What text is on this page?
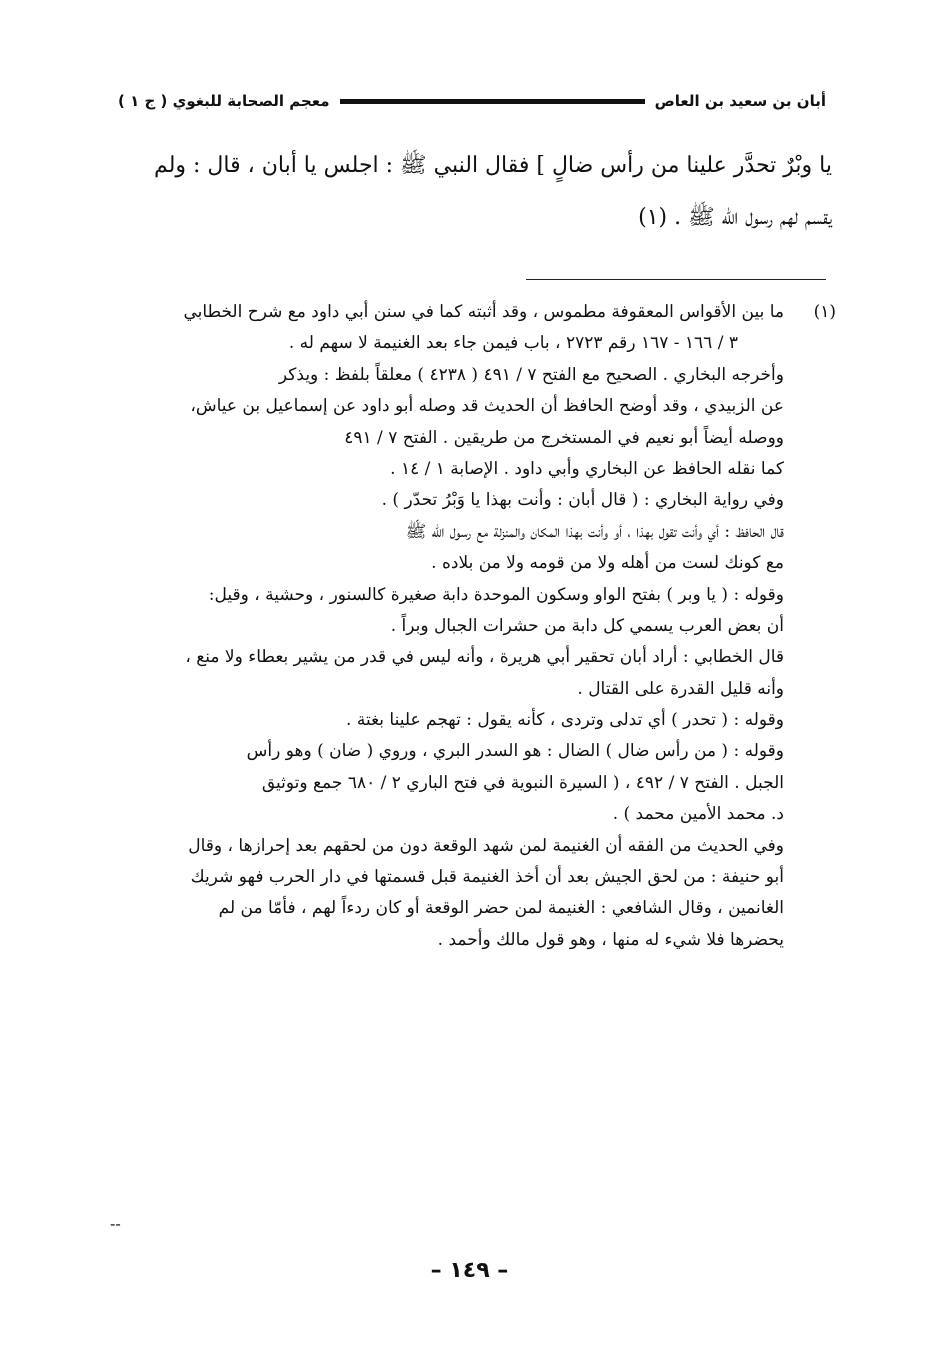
أبان بن سعيد بن العاص
معجم الصحابة للبغوي ( ج ١ )

يا وبْرٌ تحدَّر علينا من رأس ضالٍ ] فقال النبي ﷺ : اجلس يا أبان ، قال : ولم

يقسم لهم رسول الله ﷺ . (١)

(١)

ما بين الأقواس المعقوفة مطموس ، وقد أثبته كما في سنن أبي داود مع شرح الخطابي

٣ / ١٦٦ - ١٦٧ رقم ٢٧٢٣ ، باب فيمن جاء بعد الغنيمة لا سهم له .

وأخرجه البخاري . الصحيح مع الفتح ٧ / ٤٩١ ( ٤٢٣٨ ) معلقاً بلفظ : ويذكر

عن الزبيدي ، وقد أوضح الحافظ أن الحديث قد وصله أبو داود عن إسماعيل بن عياش،

ووصله أيضاً أبو نعيم في المستخرج من طريقين . الفتح ٧ / ٤٩١

كما نقله الحافظ عن البخاري وأبي داود . الإصابة ١ / ١٤ .

وفي رواية البخاري : ( قال أبان : وأنت بهذا يا وَبْرُ تحدّر ) .

قال الحافظ : أي وأنت تقول بهذا ، أو وأنت بهذا المكان والمنزلة مع رسول الله ﷺ

مع كونك لست من أهله ولا من قومه ولا من بلاده .

وقوله : ( يا وبر ) بفتح الواو وسكون الموحدة دابة صغيرة كالسنور ، وحشية ، وقيل:

أن بعض العرب يسمي كل دابة من حشرات الجبال وبراً .

قال الخطابي : أراد أبان تحقير أبي هريرة ، وأنه ليس في قدر من يشير بعطاء ولا منع ،

وأنه قليل القدرة على القتال .

وقوله : ( تحدر ) أي تدلى وتردى ، كأنه يقول : تهجم علينا بغتة .

وقوله : ( من رأس ضال ) الضال : هو السدر البري ، وروي ( ضان ) وهو رأس

الجبل . الفتح ٧ / ٤٩٢ ، ( السيرة النبوية في فتح الباري ٢ / ٦٨٠ جمع وتوثيق

د. محمد الأمين محمد ) .

وفي الحديث من الفقه أن الغنيمة لمن شهد الوقعة دون من لحقهم بعد إحرازها ، وقال

أبو حنيفة : من لحق الجيش بعد أن أخذ الغنيمة قبل قسمتها في دار الحرب فهو شريك

الغانمين ، وقال الشافعي : الغنيمة لمن حضر الوقعة أو كان ردءاً لهم ، فأمّا من لم

يحضرها فلا شيء له منها ، وهو قول مالك وأحمد .

--
– ١٤٩ –
